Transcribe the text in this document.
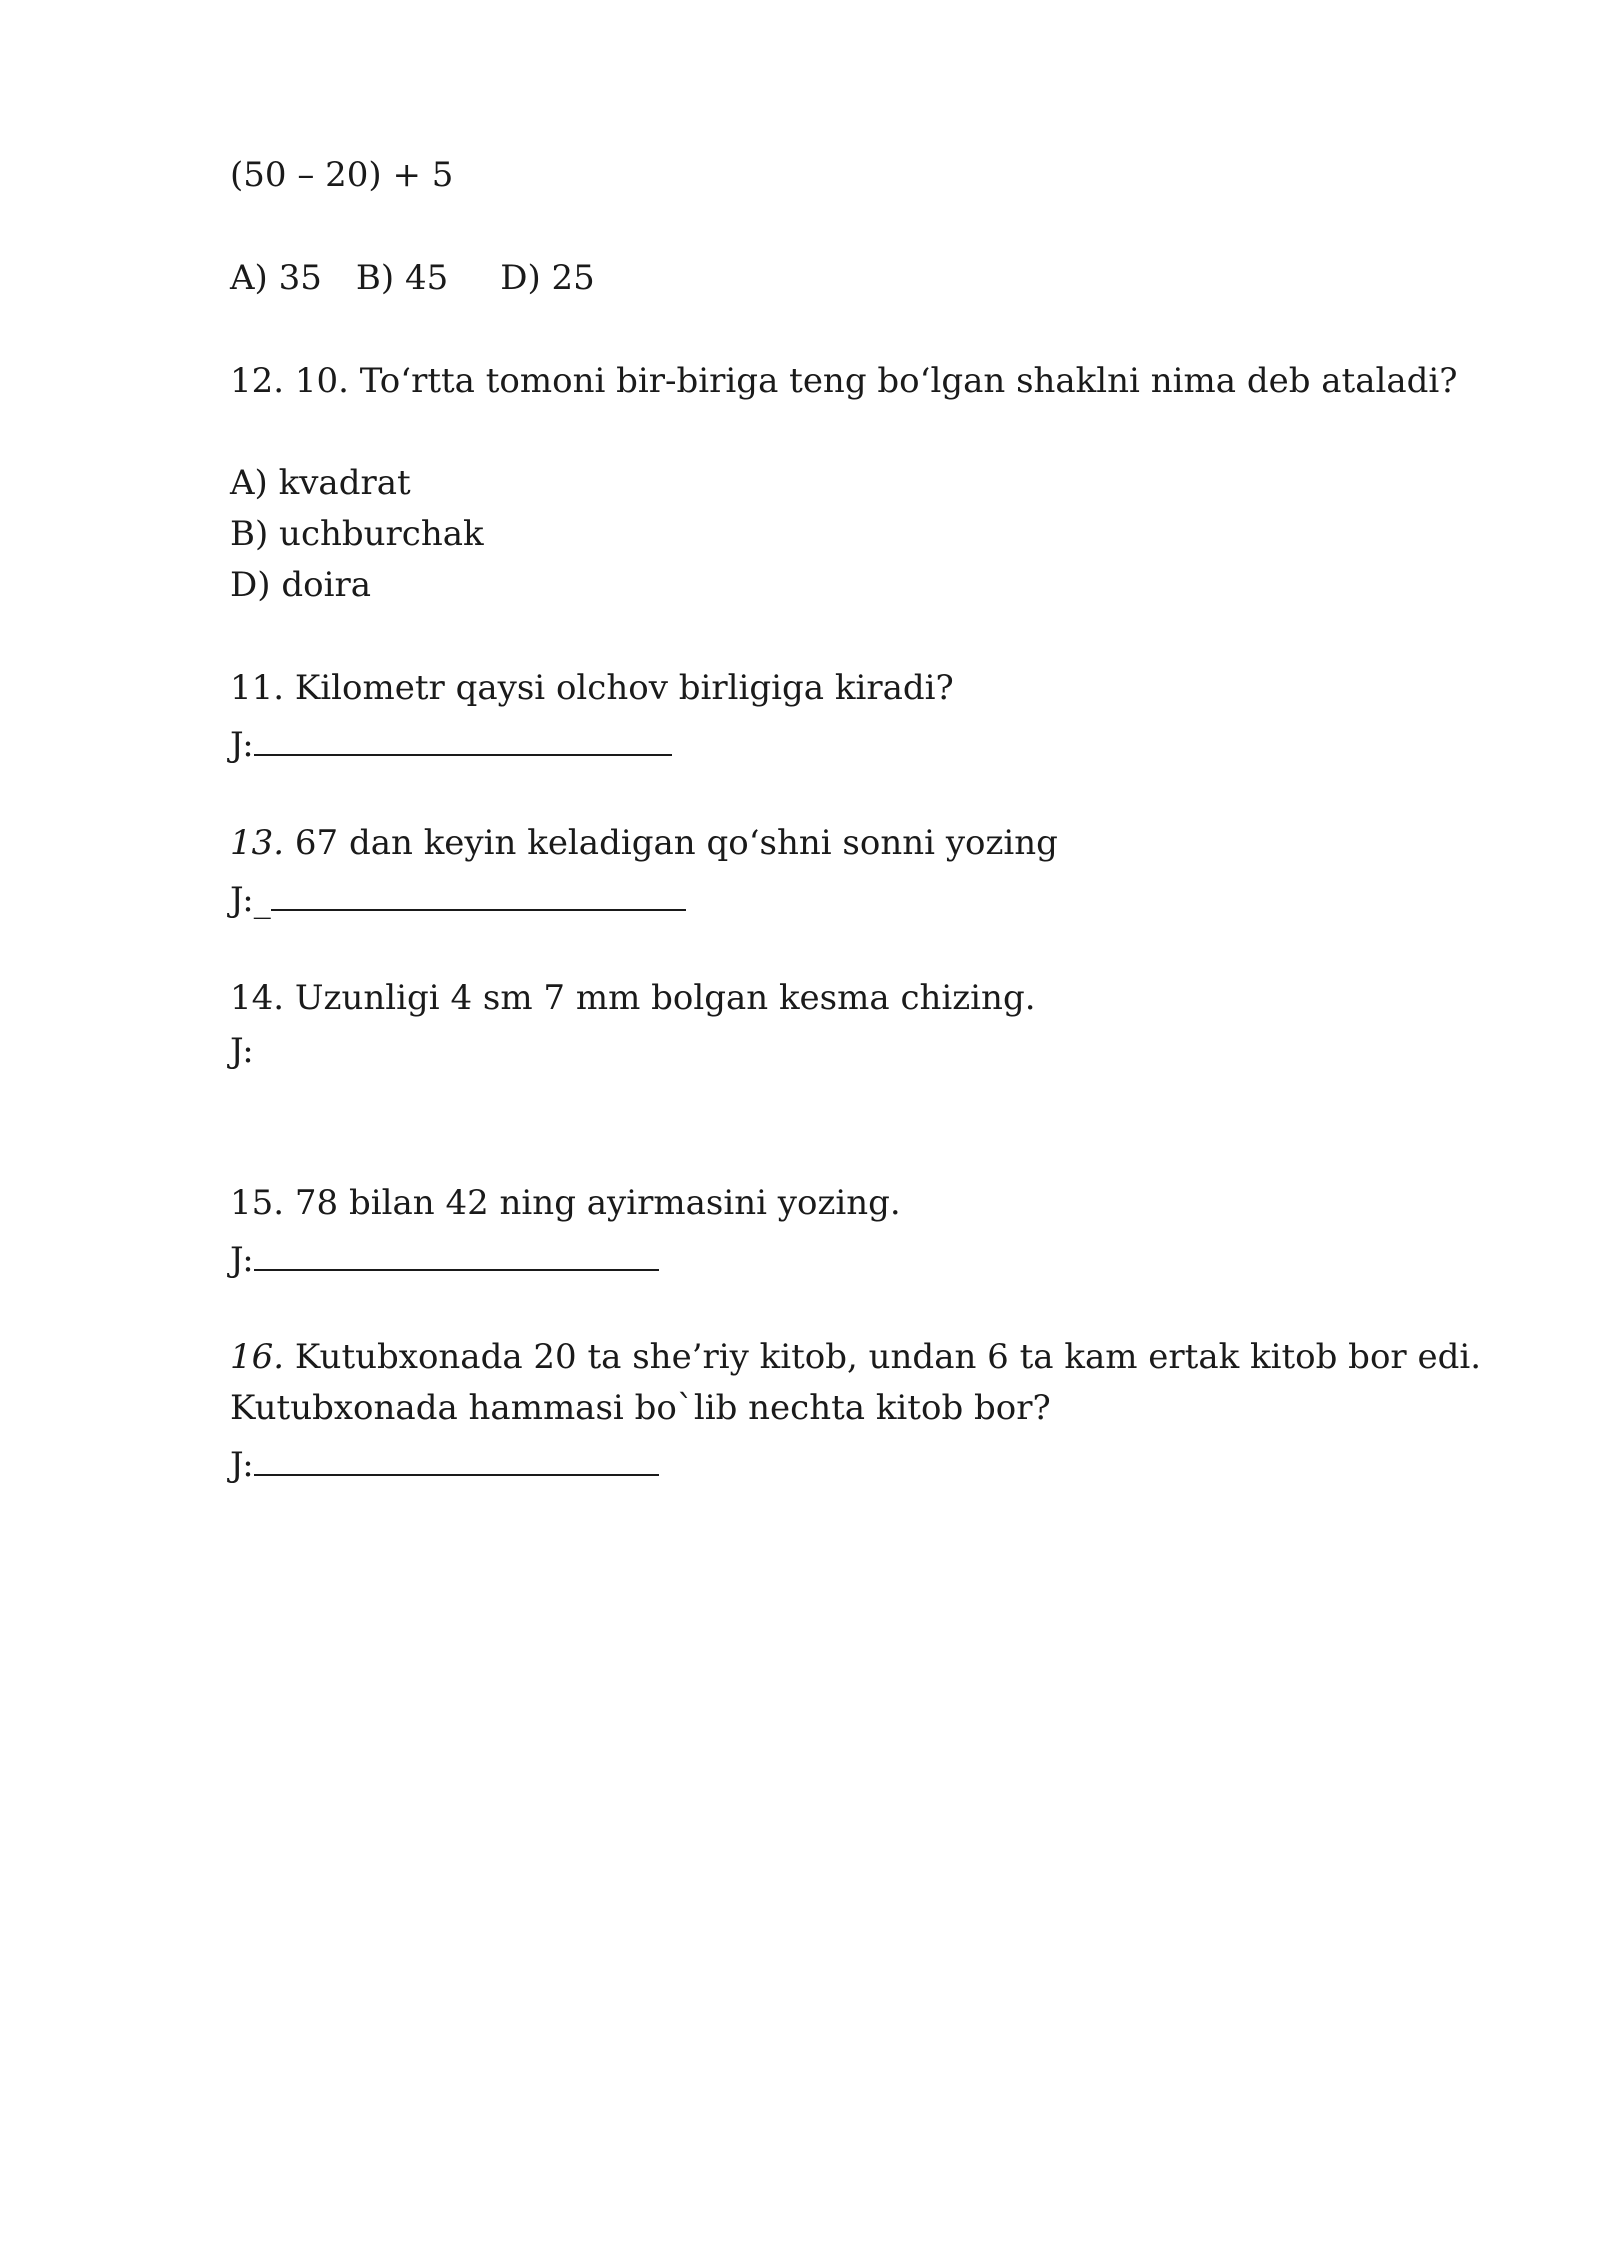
(50 – 20) + 5
A) 35 B) 45 D) 25
12. 10. To‘rtta tomoni bir-biriga teng bo‘lgan shaklni nima deb ataladi?
A) kvadrat
B) uchburchak
D) doira
11. Kilometr qaysi olchov birligiga kiradi?
J:
13. 67 dan keyin keladigan qo‘shni sonni yozing
J:_
14. Uzunligi 4 sm 7 mm bolgan kesma chizing.
J:
15. 78 bilan 42 ning ayirmasini yozing.
J:
16. Kutubxonada 20 ta she’riy kitob, undan 6 ta kam ertak kitob bor edi.
Kutubxonada hammasi bo`lib nechta kitob bor?
J:
